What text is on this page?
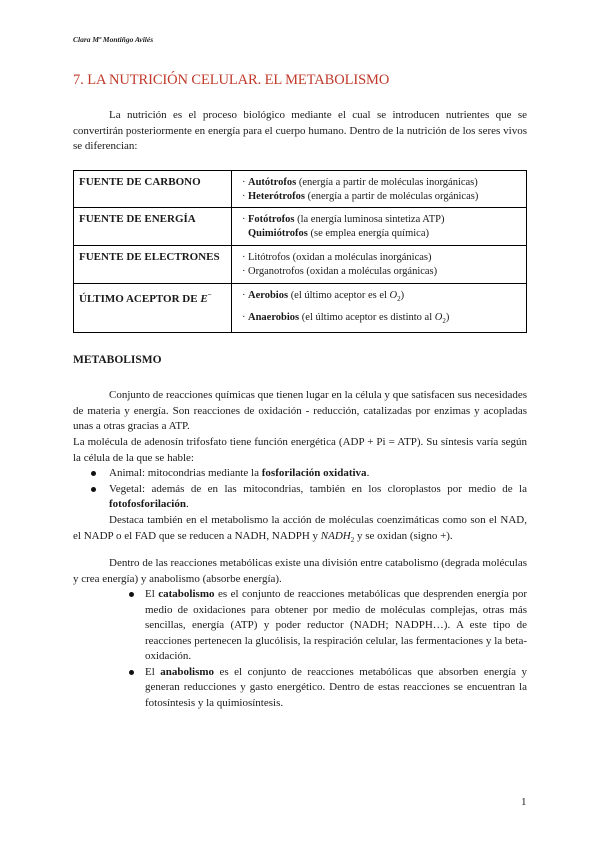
Clara Mª Montiñgo Avilés
7. LA NUTRICIÓN CELULAR. EL METABOLISMO

La nutrición es el proceso biológico mediante el cual se introducen nutrientes que se convertirán posteriormente en energía para el cuerpo humano. Dentro de la nutrición de los seres vivos se diferencian:

FUENTE DE CARBONO	· Autótrofos (energía a partir de moléculas inorgánicas)
· Heterótrofos (energía a partir de moléculas orgánicas)

FUENTE DE ENERGÍA	· Fotótrofos (la energía luminosa sintetiza ATP)
Quimiótrofos (se emplea energía química)

FUENTE DE ELECTRONES	· Litótrofos (oxidan a moléculas inorgánicas)
· Organotrofos (oxidan a moléculas orgánicas)

ÚLTIMO ACEPTOR DE E−	· Aerobios (el último aceptor es el $O_2$)
· Anaerobios (el último aceptor es distinto al $O_2$)
METABOLISMO

Conjunto de reacciones químicas que tienen lugar en la célula y que satisfacen sus necesidades de materia y energía. Son reacciones de oxidación - reducción, catalizadas por enzimas y acopladas unas a otras gracias a ATP.

La molécula de adenosín trifosfato tiene función energética (ADP + Pi = ATP). Su síntesis varía según la célula de la que se hable:

Animal: mitocondrias mediante la fosforilación oxidativa.
Vegetal: además de en las mitocondrias, también en los cloroplastos por medio de la fotofosforilación.

Destaca también en el metabolismo la acción de moléculas coenzimáticas como son el NAD, el NADP o el FAD que se reducen a NADH, NADPH y $NADH_2$ y se oxidan (signo +).

Dentro de las reacciones metabólicas existe una división entre catabolismo (degrada moléculas y crea energía) y anabolismo (absorbe energía).

El catabolismo es el conjunto de reacciones metabólicas que desprenden energía por medio de oxidaciones para obtener por medio de moléculas complejas, otras más sencillas, energía (ATP) y poder reductor (NADH; NADPH…). A este tipo de reacciones pertenecen la glucólisis, la respiración celular, las fermentaciones y la beta-oxidación.
El anabolismo es el conjunto de reacciones metabólicas que absorben energía y generan reducciones y gasto energético. Dentro de estas reacciones se encuentran la fotosíntesis y la quimiosíntesis.
1
